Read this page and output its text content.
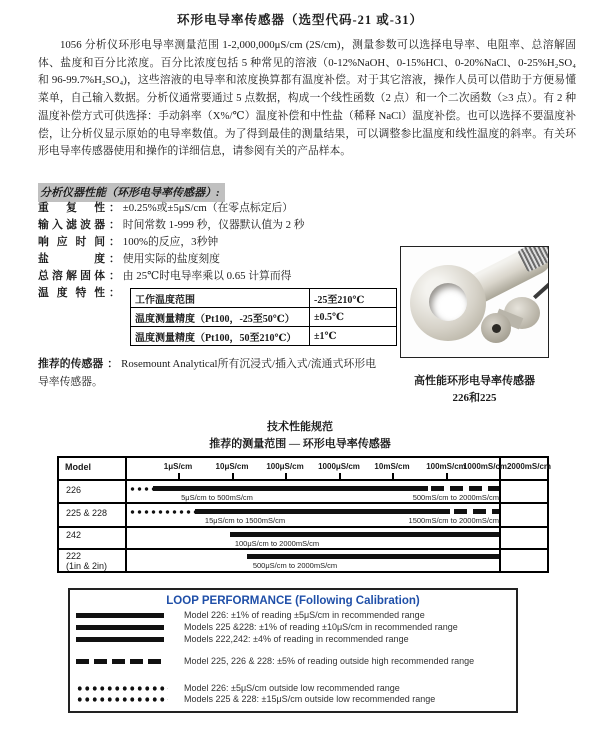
环形电导率传感器（选型代码-21 或-31）
1056 分析仪环形电导率测量范围 1-2,000,000μS/cm (2S/cm)，测量参数可以选择电导率、电阻率、总溶解固体、盐度和百分比浓度。百分比浓度包括 5 种常见的溶液（0-12%NaOH、0-15%HCl、0-20%NaCl、0-25%H₂SO₄ 和 96-99.7%H₂SO₄)，这些溶液的电导率和浓度换算都有温度补偿。对于其它溶液，操作人员可以借助于方便易懂菜单，自己输入数据。分析仪通常要通过 5 点数据，构成一个线性函数（2 点）和一个二次函数（≥3 点）。有 2 种温度补偿方式可供选择：手动斜率（X%/℃）温度补偿和中性盐（稀释 NaCl）温度补偿。也可以选择不要温度补偿，让分析仪显示原始的电导率数值。为了得到最佳的测量结果，可以调整参比温度和线性温度的斜率。有关环形电导率传感器使用和操作的详细信息，请参阅有关的产品样本。
分析仪器性能（环形电导率传感器）:
重 复 性 ： ±0.25%或±5μS/cm（在零点标定后）
输入滤波器 ： 时间常数 1-999 秒，仪器默认值为 2 秒
响应时间 ： 100%的反应，3秒钟
盐 度 ： 使用实际的盐度刻度
总溶解固体 ： 由 25℃时电导率乘以 0.65 计算而得
温度特性 ：
工作温度范围	-25至210℃
温度测量精度（Pt100，-25至50℃）	±0.5℃
温度测量精度（Pt100，50至210℃）	±1℃
推荐的传感器 ： Rosemount Analytical所有沉浸式/插入式/流通式环形电导率传感器。	高性能环形电导率传感器
226和225
技术性能规范
推荐的测量范围 — 环形电导率传感器
Model	1μS/cm	10μS/cm 100μS/cm 1000μS/cm 10mS/cm 100mS/cm
1000mS/cm 2000mS/cm
226
5μS/cm to 500mS/cm	500mS/cm to 2000mS/cm
225 & 228
15μS/cm to 1500mS/cm	1500mS/cm to 2000mS/cm
242
100μS/cm to 2000mS/cm
222
(1in & 2in)	500μS/cm to 2000mS/cm
LOOP PERFORMANCE (Following Calibration)
Model 226: ±1% of reading ±5μS/cm in recommended range
Models 225 &228: ±1% of reading ±10μS/cm in recommended range
Models 222,242: ±4% of reading in recommended range
Model 225, 226 & 228: ±5% of reading outside high recommended range
Model 226: ±5μS/cm outside low recommended range
Models 225 & 228: ±15μS/cm outside low recommended range
